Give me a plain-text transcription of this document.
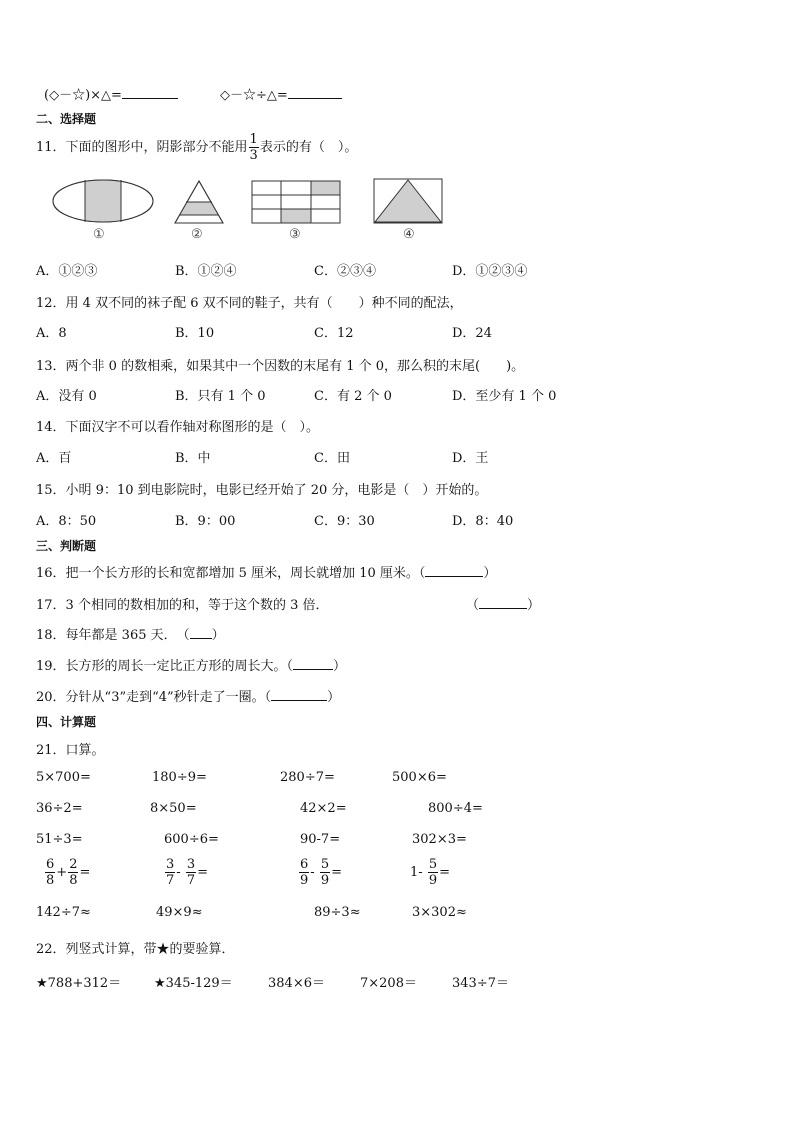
(◇－☆)×△=	◇－☆÷△=
二、选择题
11．下面的图形中，阴影部分不能用 $\frac{1}{3}$ 表示的有（　）。
①	②	③	④
A．①②③	B．①②④	C．②③④	D．①②③④
12．用 4 双不同的袜子配 6 双不同的鞋子，共有（　　）种不同的配法，
A．8	B．10	C．12	D．24
13．两个非 0 的数相乘，如果其中一个因数的末尾有 1 个 0，那么积的末尾(　　)。
A．没有 0	B．只有 1 个 0	C．有 2 个 0	D．至少有 1 个 0
14．下面汉字不可以看作轴对称图形的是（　）。
A．百	B．中	C．田	D．王
15．小明 9：10 到电影院时，电影已经开始了 20 分，电影是（　）开始的。
A．8：50	B．9：00	C．9：30	D．8：40
三、判断题
16．把一个长方形的长和宽都增加 5 厘米，周长就增加 10 厘米。（	）
17．3 个相同的数相加的和，等于这个数的 3 倍．	（	）
18．每年都是 365 天．　（ ）
19．长方形的周长一定比正方形的周长大。（	）
20．分针从“3”走到“4”秒针走了一圈。（	）
四、计算题
21．口算。
5×700=	180÷9=	280÷7=	500×6=
36÷2=	8×50=	42×2=	800÷4=
51÷3=	600÷6=	90-7=	302×3=
$\frac{6}{8} + \frac{2}{8}$ =	$\frac{3}{7} - \frac{3}{7}$ =	$\frac{6}{9} - \frac{5}{9}$ =	$1- \frac{5}{9}$ =
142÷7≈	49×9≈	89÷3≈	3×302≈
22．列竖式计算，带★的要验算．
★788+312＝	★345-129＝	384×6＝	7×208＝	343÷7＝
